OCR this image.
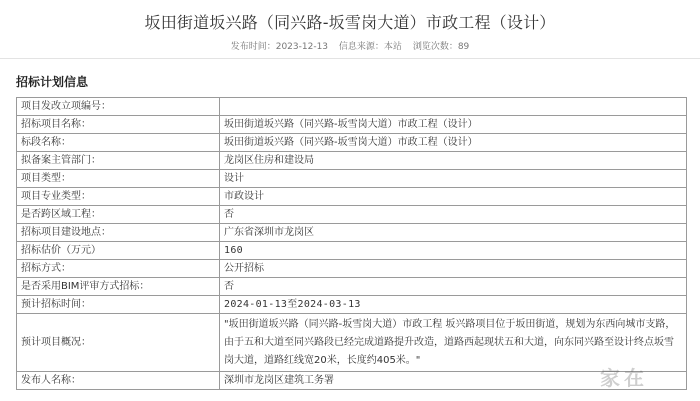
坂田街道坂兴路（同兴路-坂雪岗大道）市政工程（设计）
发布时间：2023-12-13 信息来源：本站 浏览次数：89
招标计划信息
项目发改立项编号：	
招标项目名称：	坂田街道坂兴路（同兴路-坂雪岗大道）市政工程（设计）
标段名称：	坂田街道坂兴路（同兴路-坂雪岗大道）市政工程（设计）
拟备案主管部门：	龙岗区住房和建设局
项目类型：	设计
项目专业类型：	市政设计
是否跨区域工程：	否
招标项目建设地点：	广东省深圳市龙岗区
招标估价（万元）	160
招标方式：	公开招标
是否采用BIM评审方式招标：	否
预计招标时间：	2024-01-13至2024-03-13
预计项目概况：	"坂田街道坂兴路（同兴路-坂雪岗大道）市政工程 坂兴路项目位于坂田街道，规划为东西向城市支路，由于五和大道至同兴路段已经完成道路提升改造，道路西起现状五和大道，向东同兴路至设计终点坂雪岗大道，道路红线宽20米，长度约405米。"
发布人名称：	深圳市龙岗区建筑工务署	家在
